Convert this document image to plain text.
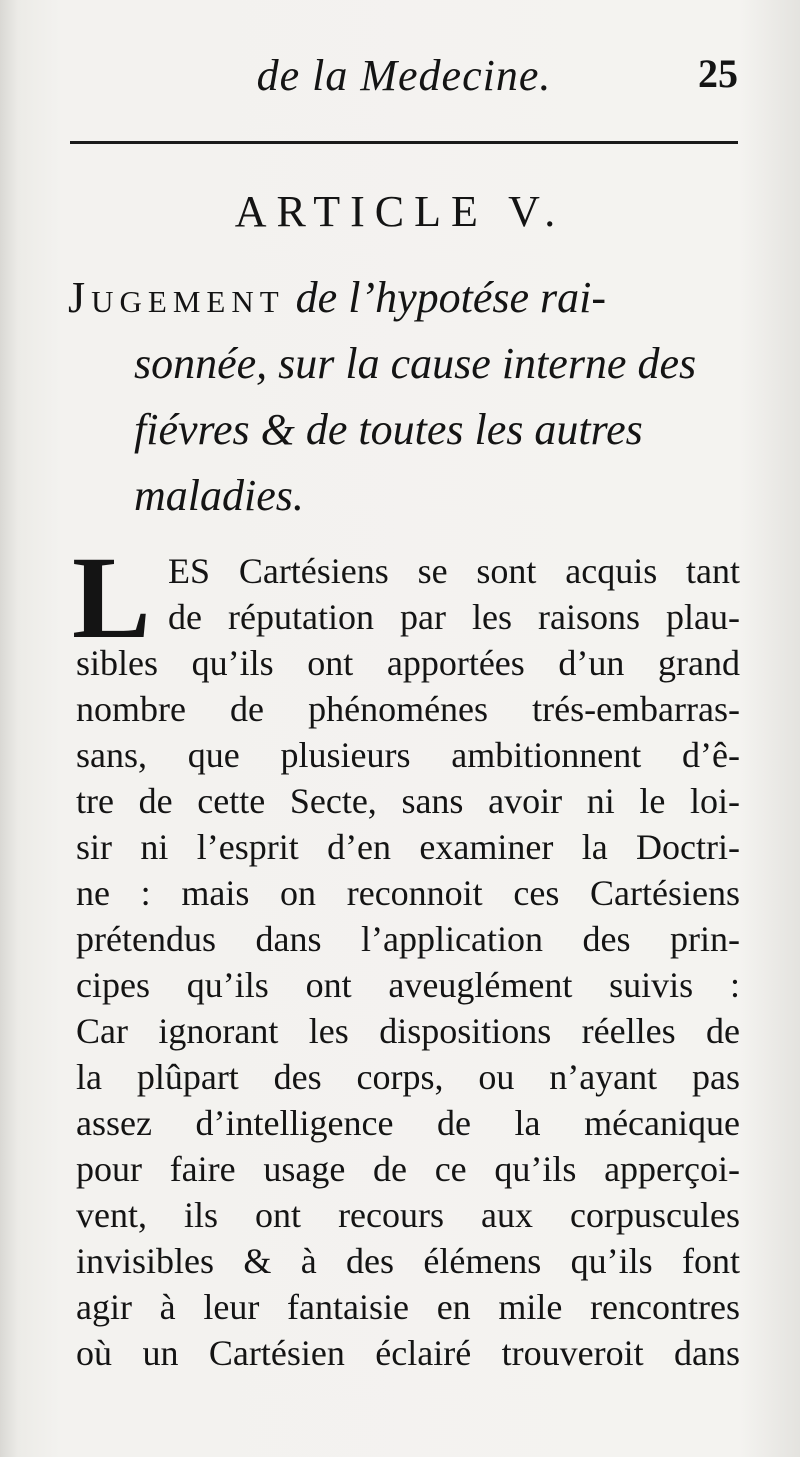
de la Medecine.	25
ARTICLE V.
Jugement de l’hypotése rai-
sonnée, sur la cause interne des
fiévres & de toutes les autres
maladies.
L ES Cartésiens se sont acquis tant
de réputation par les raisons plau-
sibles qu’ils ont apportées d’un grand
nombre de phénoménes trés-embarras-
sans, que plusieurs ambitionnent d’ê-
tre de cette Secte, sans avoir ni le loi-
sir ni l’esprit d’en examiner la Doctri-
ne : mais on reconnoit ces Cartésiens
prétendus dans l’application des prin-
cipes qu’ils ont aveuglément suivis :
Car ignorant les dispositions réelles de
la plûpart des corps, ou n’ayant pas
assez d’intelligence de la mécanique
pour faire usage de ce qu’ils apperçoi-
vent, ils ont recours aux corpuscules
invisibles & à des élémens qu’ils font
agir à leur fantaisie en mile rencontres
où un Cartésien éclairé trouveroit dans
